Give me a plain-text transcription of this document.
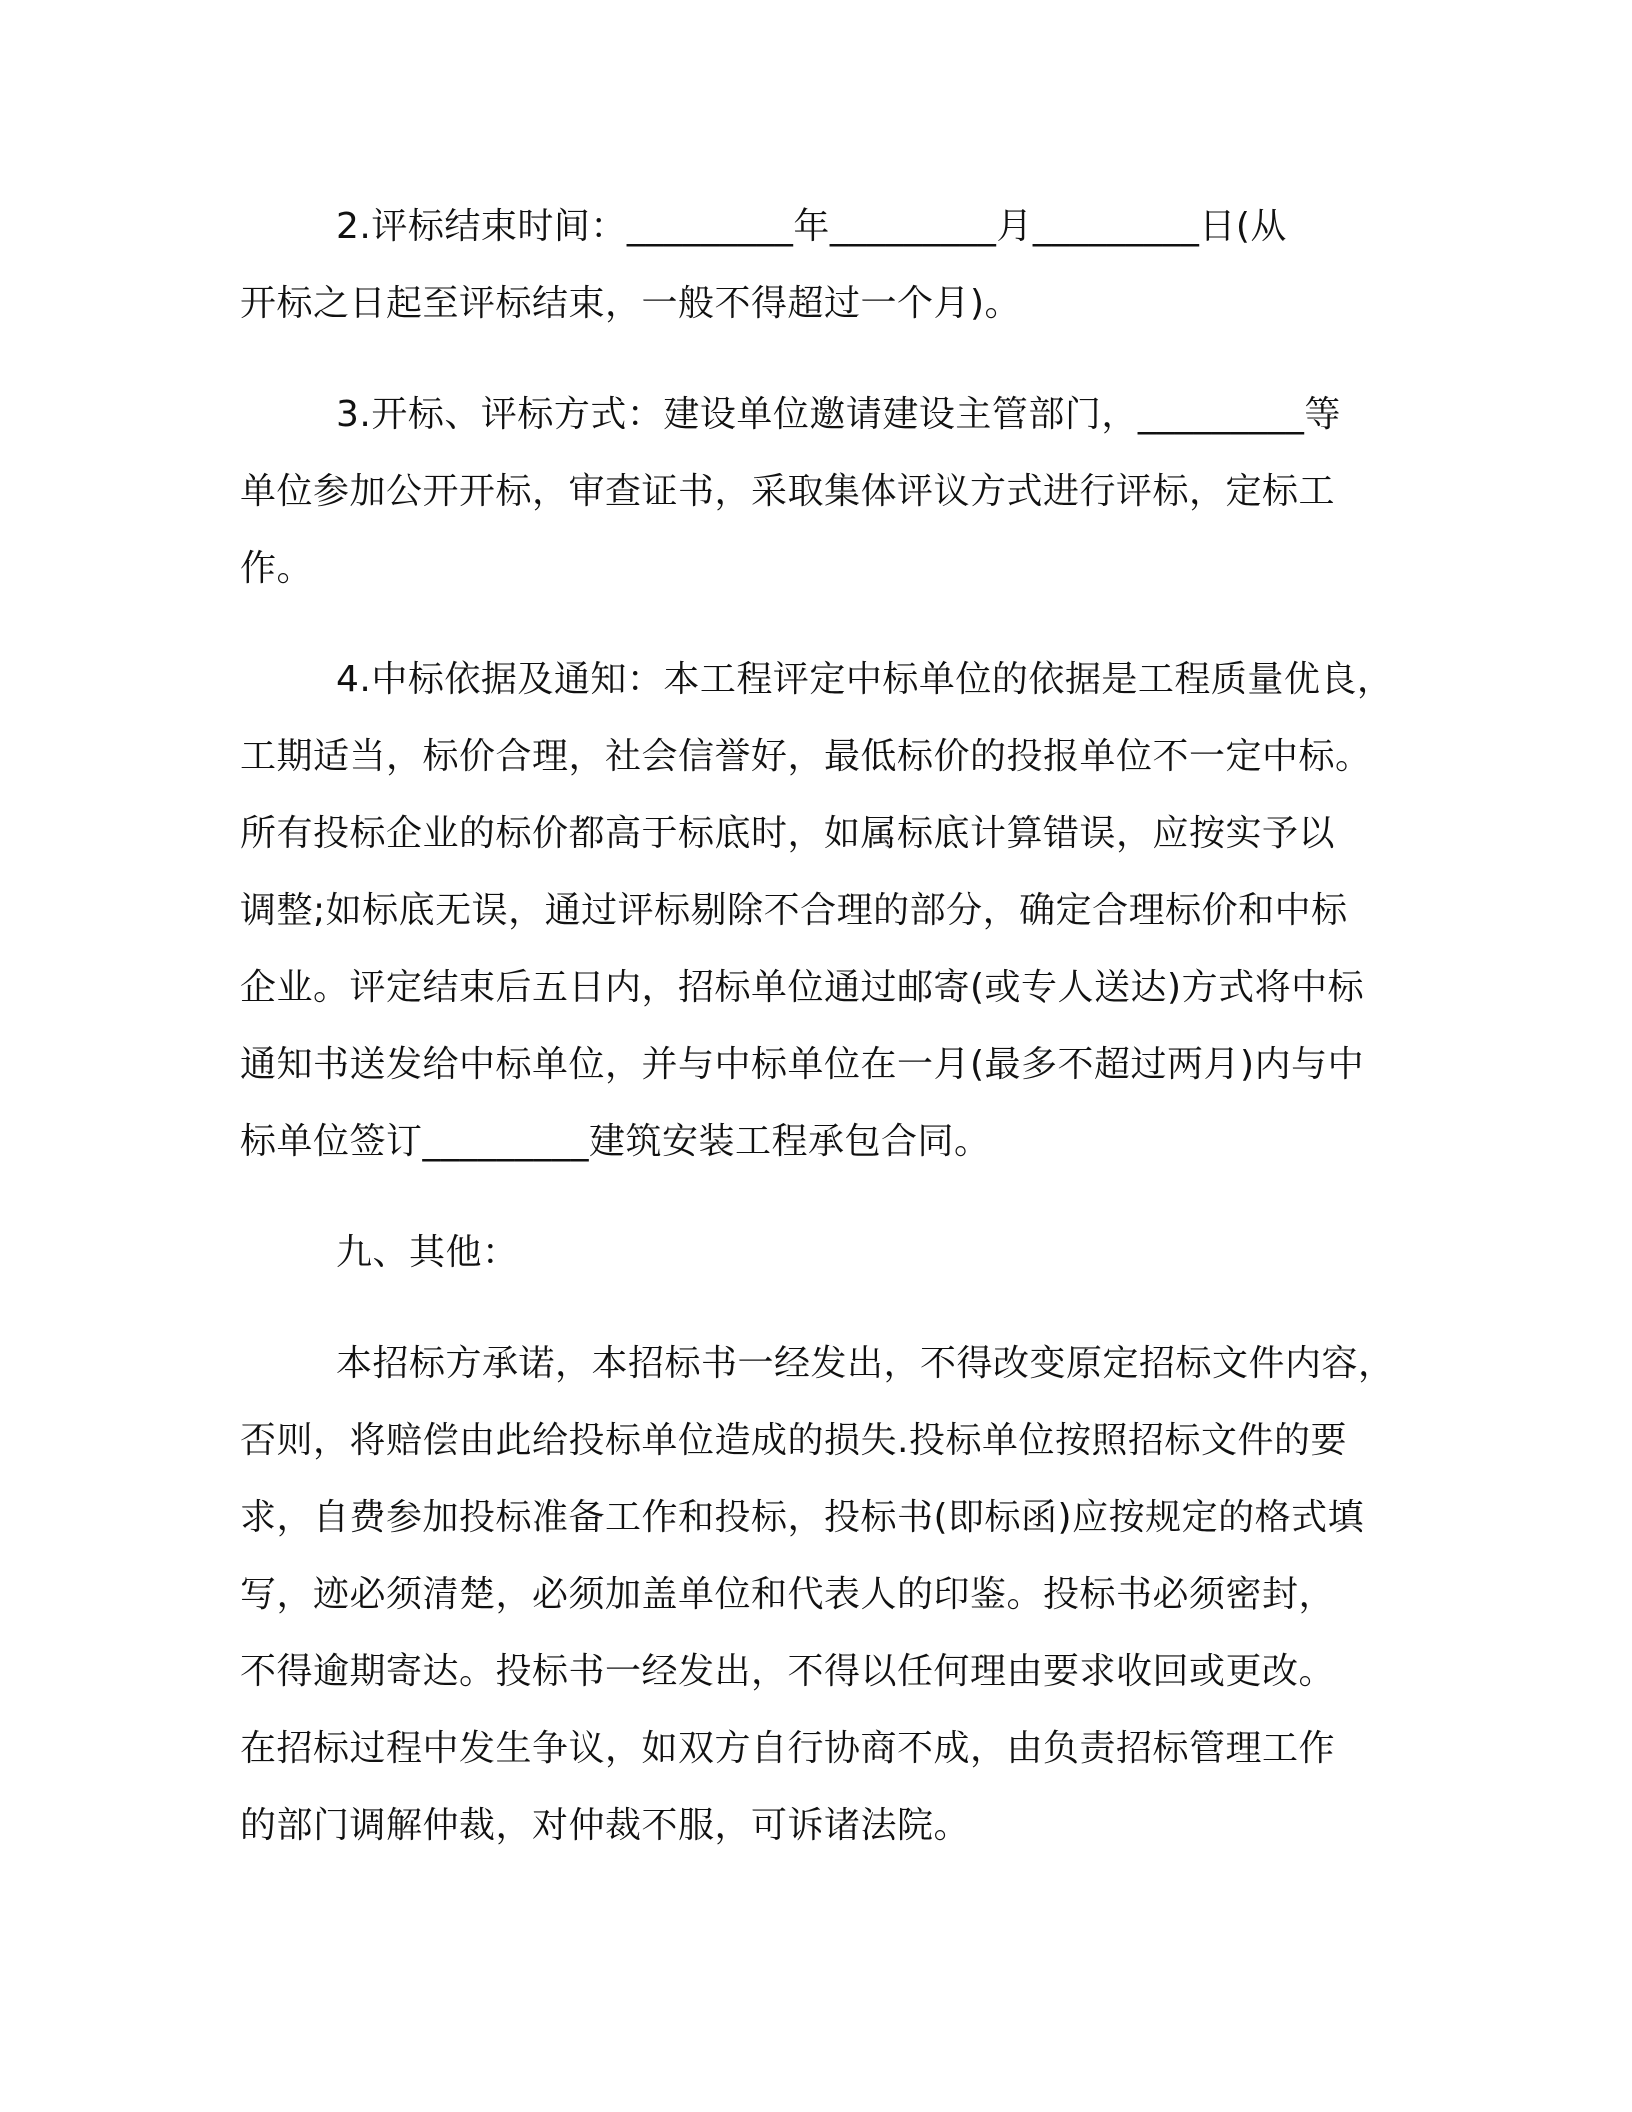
2.评标结束时间：_________年_________月_________日(从
开标之日起至评标结束，一般不得超过一个月)。
3.开标、评标方式：建设单位邀请建设主管部门，_________等
单位参加公开开标，审查证书，采取集体评议方式进行评标，定标工
作。
4.中标依据及通知：本工程评定中标单位的依据是工程质量优良，
工期适当，标价合理，社会信誉好，最低标价的投报单位不一定中标。
所有投标企业的标价都高于标底时，如属标底计算错误，应按实予以
调整;如标底无误，通过评标剔除不合理的部分，确定合理标价和中标
企业。评定结束后五日内，招标单位通过邮寄(或专人送达)方式将中标
通知书送发给中标单位，并与中标单位在一月(最多不超过两月)内与中
标单位签订_________建筑安装工程承包合同。
九、其他：
本招标方承诺，本招标书一经发出，不得改变原定招标文件内容，
否则，将赔偿由此给投标单位造成的损失.投标单位按照招标文件的要
求，自费参加投标准备工作和投标，投标书(即标函)应按规定的格式填
写，迹必须清楚，必须加盖单位和代表人的印鉴。投标书必须密封，
不得逾期寄达。投标书一经发出，不得以任何理由要求收回或更改。
在招标过程中发生争议，如双方自行协商不成，由负责招标管理工作
的部门调解仲裁，对仲裁不服，可诉诸法院。
